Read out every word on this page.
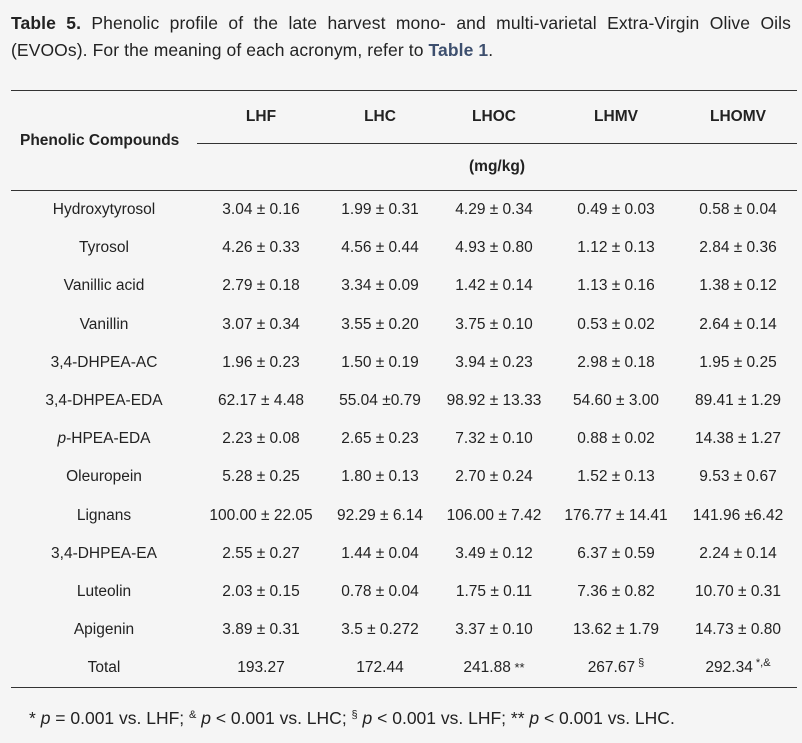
Table 5. Phenolic profile of the late harvest mono- and multi-varietal Extra-Virgin Olive Oils (EVOOs). For the meaning of each acronym, refer to Table 1.
Phenolic Compounds	LHF	LHC	LHOC	LHMV	LHOMV
	(mg/kg)				
Hydroxytyrosol	3.04 ± 0.16	1.99 ± 0.31	4.29 ± 0.34	0.49 ± 0.03	0.58 ± 0.04
Tyrosol	4.26 ± 0.33	4.56 ± 0.44	4.93 ± 0.80	1.12 ± 0.13	2.84 ± 0.36
Vanillic acid	2.79 ± 0.18	3.34 ± 0.09	1.42 ± 0.14	1.13 ± 0.16	1.38 ± 0.12
Vanillin	3.07 ± 0.34	3.55 ± 0.20	3.75 ± 0.10	0.53 ± 0.02	2.64 ± 0.14
3,4-DHPEA-AC	1.96 ± 0.23	1.50 ± 0.19	3.94 ± 0.23	2.98 ± 0.18	1.95 ± 0.25
3,4-DHPEA-EDA	62.17 ± 4.48	55.04 ±0.79	98.92 ± 13.33	54.60 ± 3.00	89.41 ± 1.29
p-HPEA-EDA	2.23 ± 0.08	2.65 ± 0.23	7.32 ± 0.10	0.88 ± 0.02	14.38 ± 1.27
Oleuropein	5.28 ± 0.25	1.80 ± 0.13	2.70 ± 0.24	1.52 ± 0.13	9.53 ± 0.67
Lignans	100.00 ± 22.05	92.29 ± 6.14	106.00 ± 7.42	176.77 ± 14.41	141.96 ±6.42
3,4-DHPEA-EA	2.55 ± 0.27	1.44 ± 0.04	3.49 ± 0.12	6.37 ± 0.59	2.24 ± 0.14
Luteolin	2.03 ± 0.15	0.78 ± 0.04	1.75 ± 0.11	7.36 ± 0.82	10.70 ± 0.31
Apigenin	3.89 ± 0.31	3.5 ± 0.272	3.37 ± 0.10	13.62 ± 1.79	14.73 ± 0.80
Total	193.27	172.44	241.88 **	267.67 §	292.34 *,&
* p = 0.001 vs. LHF; & p < 0.001 vs. LHC; § p < 0.001 vs. LHF; ** p < 0.001 vs. LHC.
